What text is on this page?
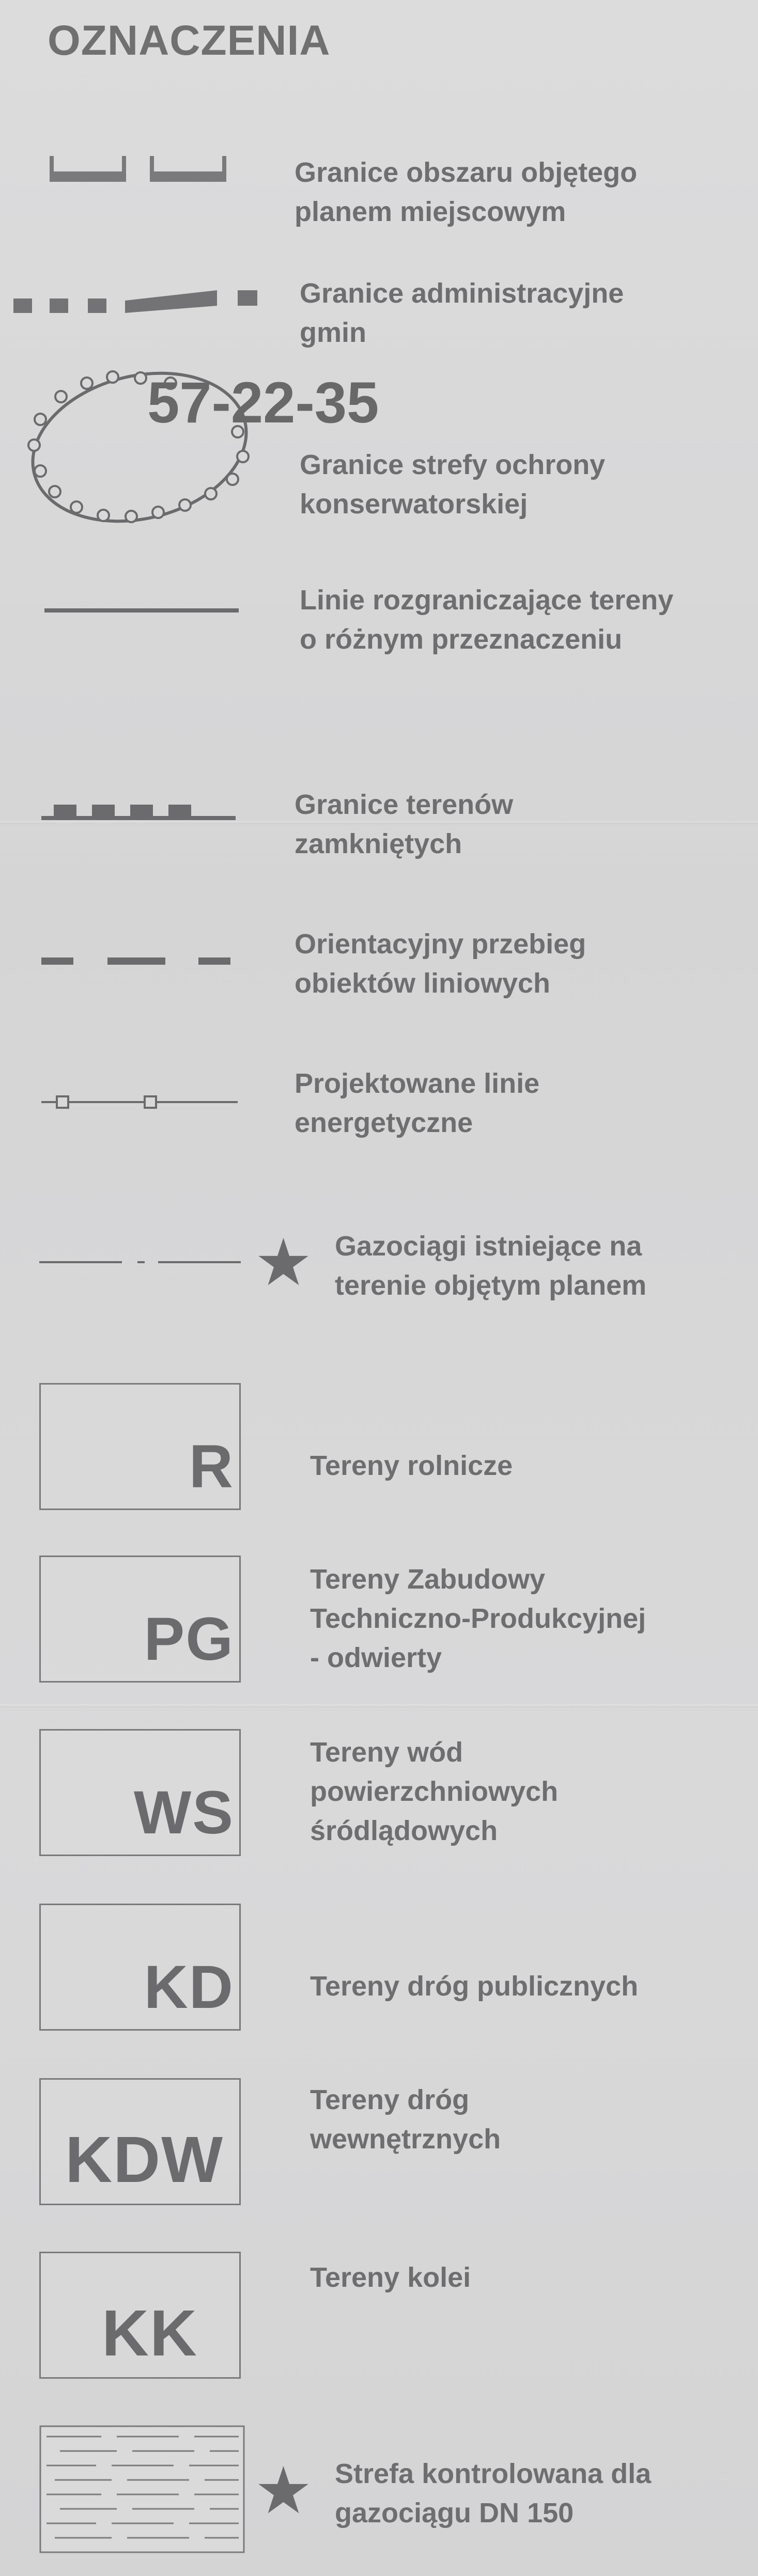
OZNACZENIA
Granice obszaru objętego
planem miejscowym
Granice administracyjne
gmin
57-22-35
Granice strefy ochrony
konserwatorskiej
Linie rozgraniczające tereny
o różnym przeznaczeniu
Granice terenów
zamkniętych
Orientacyjny przebieg
obiektów liniowych
Projektowane linie
energetyczne
★ Gazociągi istniejące na
terenie objętym planem
R	Tereny rolnicze
PG
Tereny Zabudowy
Techniczno-Produkcyjnej
- odwierty
WS
Tereny wód
powierzchniowych
śródlądowych
KD	Tereny dróg publicznych
KDW
Tereny dróg
wewnętrznych
KK
Tereny kolei
★ Strefa kontrolowana dla
gazociągu DN 150
